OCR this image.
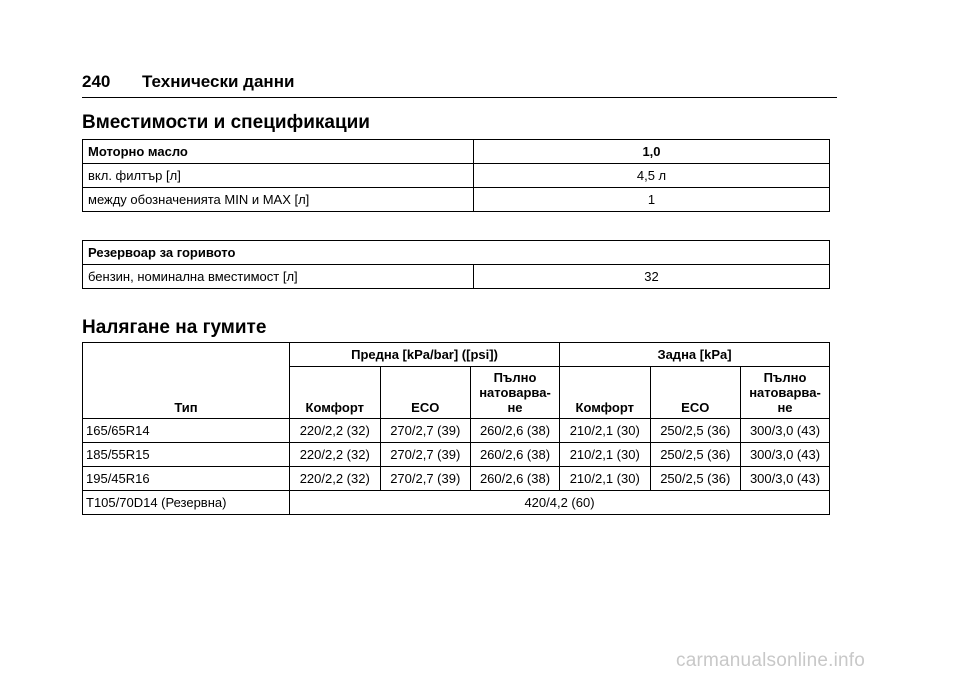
240 Технически данни
Вместимости и спецификации
Моторно масло	1,0
вкл. филтър [л]	4,5 л
между обозначенията MIN и MAX [л]	1
Резервоар за горивото
бензин, номинална вместимост [л]	32
Налягане на гумите
Тип	Предна [kPa/bar] ([psi])			Задна [kPa]		
	Комфорт	ECO	Пълно натоварва-не	Комфорт	ECO	Пълно натоварва-не
165/65R14	220/2,2 (32)	270/2,7 (39)	260/2,6 (38)	210/2,1 (30)	250/2,5 (36)	300/3,0 (43)
185/55R15	220/2,2 (32)	270/2,7 (39)	260/2,6 (38)	210/2,1 (30)	250/2,5 (36)	300/3,0 (43)
195/45R16	220/2,2 (32)	270/2,7 (39)	260/2,6 (38)	210/2,1 (30)	250/2,5 (36)	300/3,0 (43)
T105/70D14 (Резервна)	420/4,2 (60)					
carmanualsonline.info
